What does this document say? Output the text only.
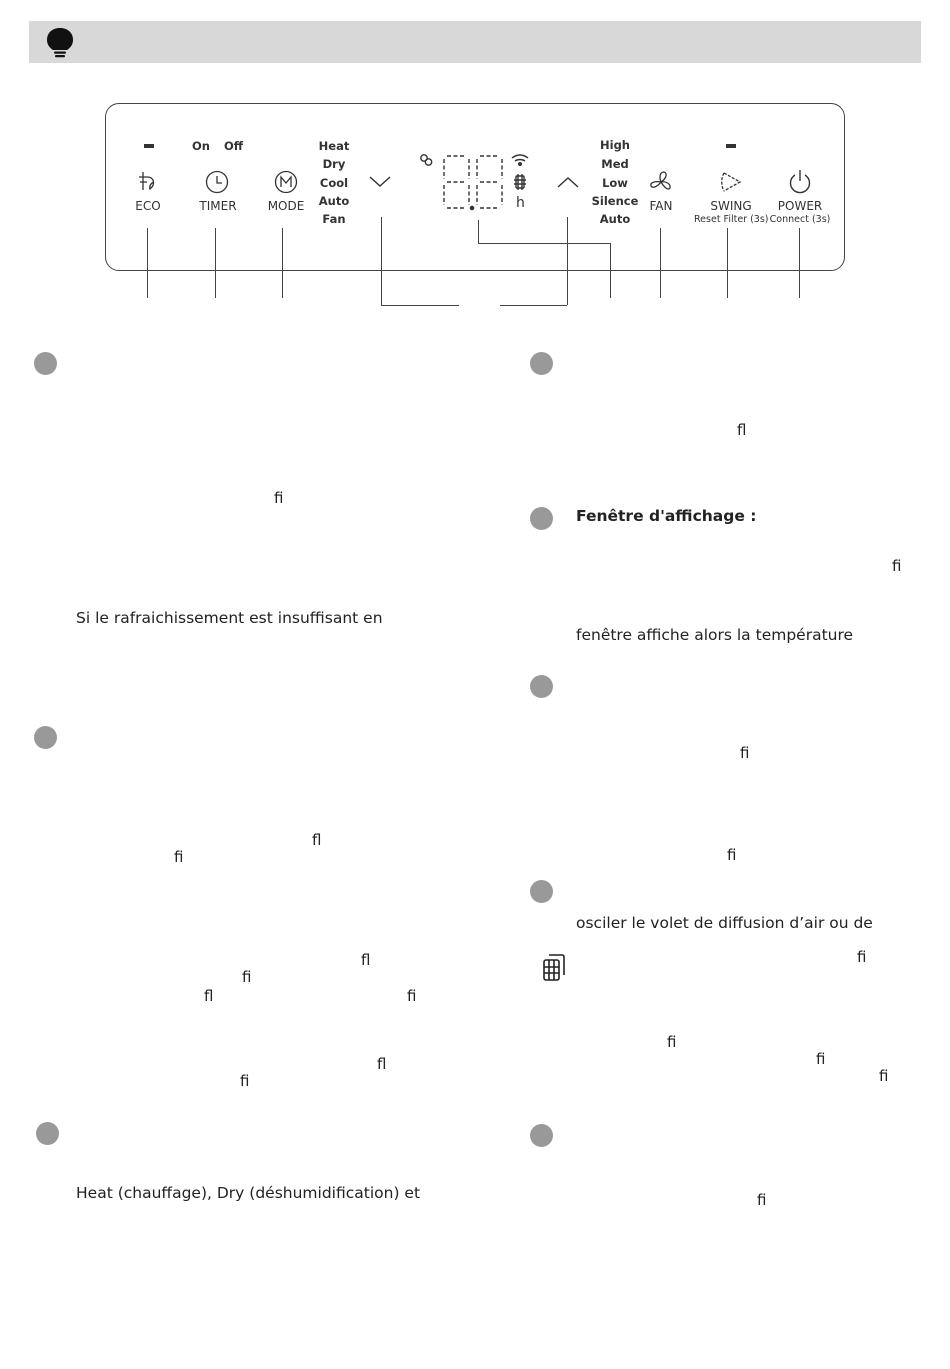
ECO
On Off
TIMER	MODE
Heat
Dry
Cool
Auto
Fan
h
High
Med
Low
Silence
Auto
FAN	SWING
Reset Filter (3s)
POWER
Connect (3s)
fi
Si le rafraichissement est insuffisant en
fl
fi
fl
fi
fl	fi
fl
fi
Heat (chauffage), Dry (déshumidification) et
fl
Fenêtre d'affichage :
fi
fenêtre affiche alors la température
fi
fi
osciler le volet de diffusion d’air ou de
fi
fi
fi
fi
fi
